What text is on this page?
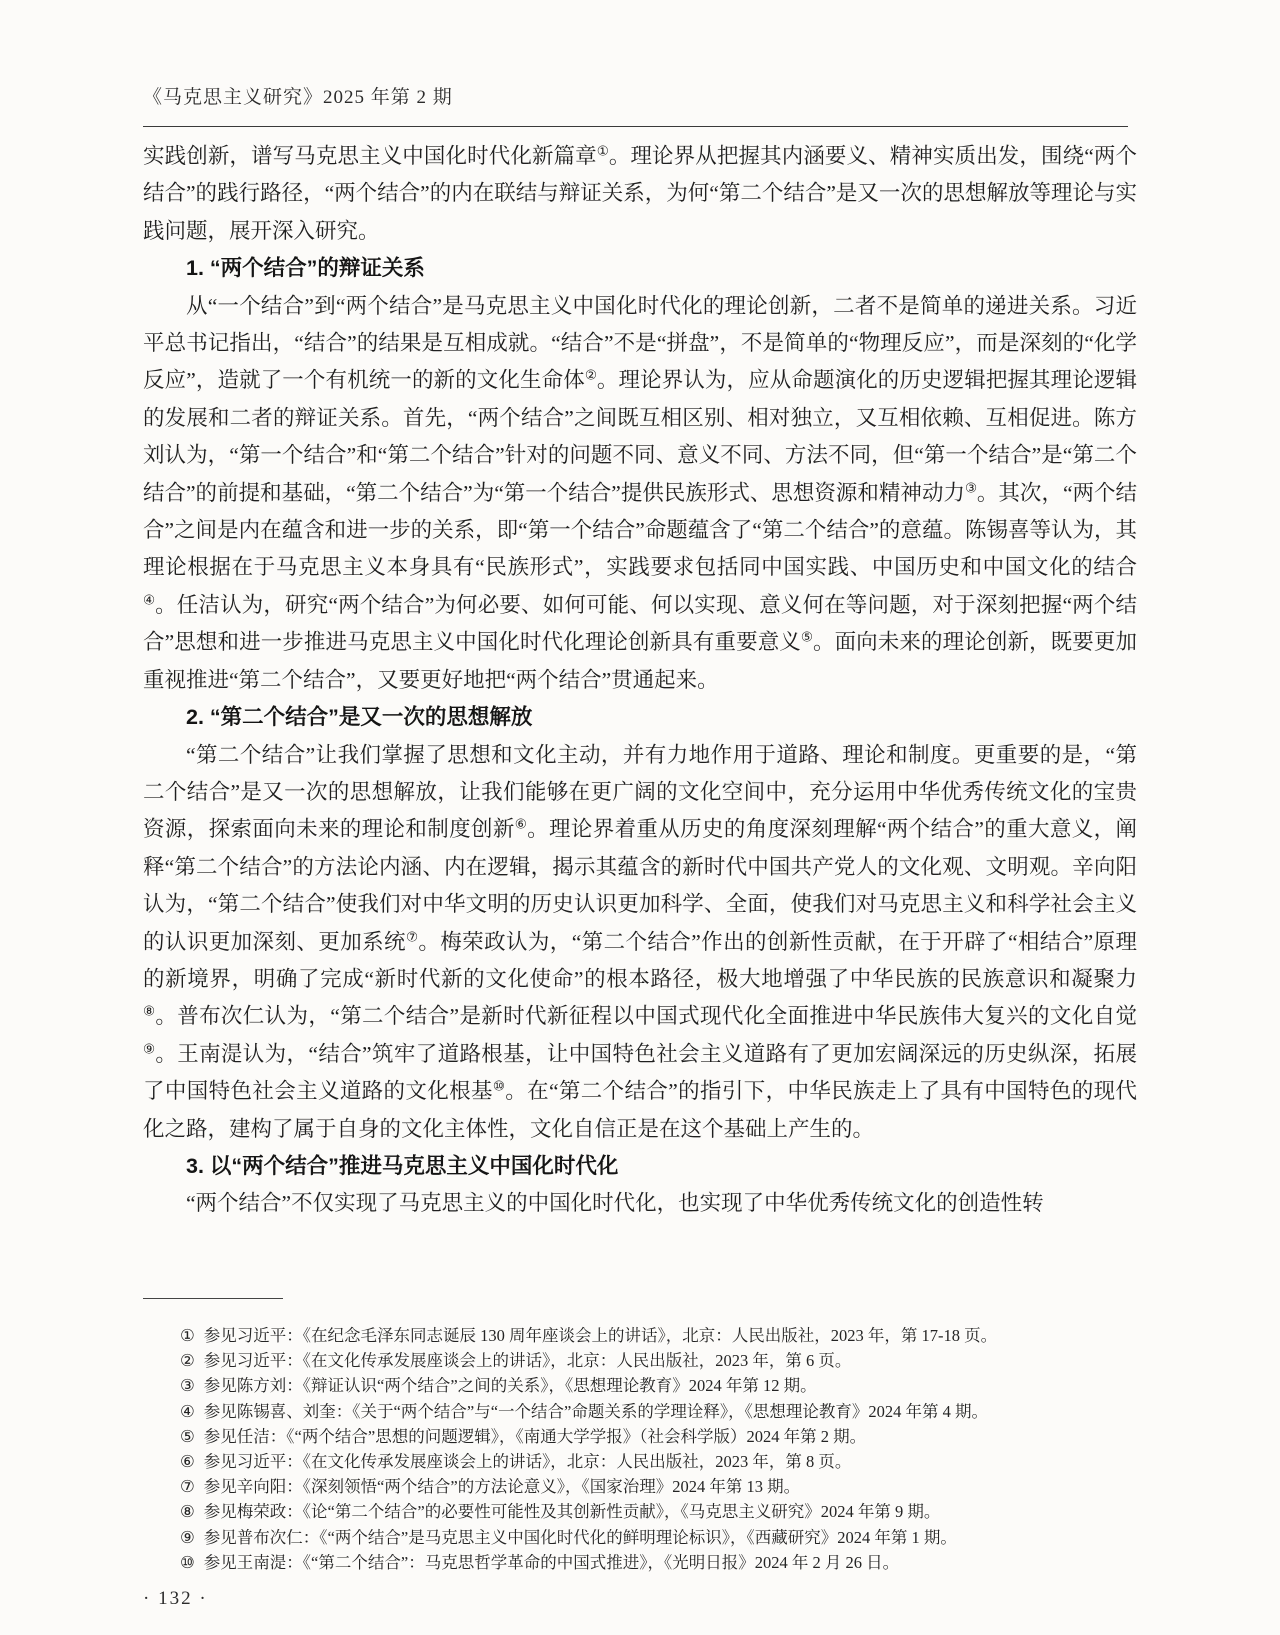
《马克思主义研究》2025 年第 2 期

实践创新，谱写马克思主义中国化时代化新篇章①。理论界从把握其内涵要义、精神实质出发，围绕“两个结合”的践行路径，“两个结合”的内在联结与辩证关系，为何“第二个结合”是又一次的思想解放等理论与实践问题，展开深入研究。

1. “两个结合”的辩证关系

从“一个结合”到“两个结合”是马克思主义中国化时代化的理论创新，二者不是简单的递进关系。习近平总书记指出，“结合”的结果是互相成就。“结合”不是“拼盘”，不是简单的“物理反应”，而是深刻的“化学反应”，造就了一个有机统一的新的文化生命体②。理论界认为，应从命题演化的历史逻辑把握其理论逻辑的发展和二者的辩证关系。首先，“两个结合”之间既互相区别、相对独立，又互相依赖、互相促进。陈方刘认为，“第一个结合”和“第二个结合”针对的问题不同、意义不同、方法不同，但“第一个结合”是“第二个结合”的前提和基础，“第二个结合”为“第一个结合”提供民族形式、思想资源和精神动力③。其次，“两个结合”之间是内在蕴含和进一步的关系，即“第一个结合”命题蕴含了“第二个结合”的意蕴。陈锡喜等认为，其理论根据在于马克思主义本身具有“民族形式”，实践要求包括同中国实践、中国历史和中国文化的结合④。任洁认为，研究“两个结合”为何必要、如何可能、何以实现、意义何在等问题，对于深刻把握“两个结合”思想和进一步推进马克思主义中国化时代化理论创新具有重要意义⑤。面向未来的理论创新，既要更加重视推进“第二个结合”，又要更好地把“两个结合”贯通起来。

2. “第二个结合”是又一次的思想解放

“第二个结合”让我们掌握了思想和文化主动，并有力地作用于道路、理论和制度。更重要的是，“第二个结合”是又一次的思想解放，让我们能够在更广阔的文化空间中，充分运用中华优秀传统文化的宝贵资源，探索面向未来的理论和制度创新⑥。理论界着重从历史的角度深刻理解“两个结合”的重大意义，阐释“第二个结合”的方法论内涵、内在逻辑，揭示其蕴含的新时代中国共产党人的文化观、文明观。辛向阳认为，“第二个结合”使我们对中华文明的历史认识更加科学、全面，使我们对马克思主义和科学社会主义的认识更加深刻、更加系统⑦。梅荣政认为，“第二个结合”作出的创新性贡献，在于开辟了“相结合”原理的新境界，明确了完成“新时代新的文化使命”的根本路径，极大地增强了中华民族的民族意识和凝聚力⑧。普布次仁认为，“第二个结合”是新时代新征程以中国式现代化全面推进中华民族伟大复兴的文化自觉⑨。王南湜认为，“结合”筑牢了道路根基，让中国特色社会主义道路有了更加宏阔深远的历史纵深，拓展了中国特色社会主义道路的文化根基⑩。在“第二个结合”的指引下，中华民族走上了具有中国特色的现代化之路，建构了属于自身的文化主体性，文化自信正是在这个基础上产生的。

3. 以“两个结合”推进马克思主义中国化时代化

“两个结合”不仅实现了马克思主义的中国化时代化，也实现了中华优秀传统文化的创造性转

① 参见习近平：《在纪念毛泽东同志诞辰 130 周年座谈会上的讲话》，北京：人民出版社，2023 年，第 17-18 页。

② 参见习近平：《在文化传承发展座谈会上的讲话》，北京：人民出版社，2023 年，第 6 页。

③ 参见陈方刘：《辩证认识“两个结合”之间的关系》，《思想理论教育》2024 年第 12 期。

④ 参见陈锡喜、刘奎：《关于“两个结合”与“一个结合”命题关系的学理诠释》，《思想理论教育》2024 年第 4 期。

⑤ 参见任洁：《“两个结合”思想的问题逻辑》，《南通大学学报》（社会科学版）2024 年第 2 期。

⑥ 参见习近平：《在文化传承发展座谈会上的讲话》，北京：人民出版社，2023 年，第 8 页。

⑦ 参见辛向阳：《深刻领悟“两个结合”的方法论意义》，《国家治理》2024 年第 13 期。

⑧ 参见梅荣政：《论“第二个结合”的必要性可能性及其创新性贡献》，《马克思主义研究》2024 年第 9 期。

⑨ 参见普布次仁：《“两个结合”是马克思主义中国化时代化的鲜明理论标识》，《西藏研究》2024 年第 1 期。

⑩ 参见王南湜：《“第二个结合”：马克思哲学革命的中国式推进》，《光明日报》2024 年 2 月 26 日。

· 132 ·
